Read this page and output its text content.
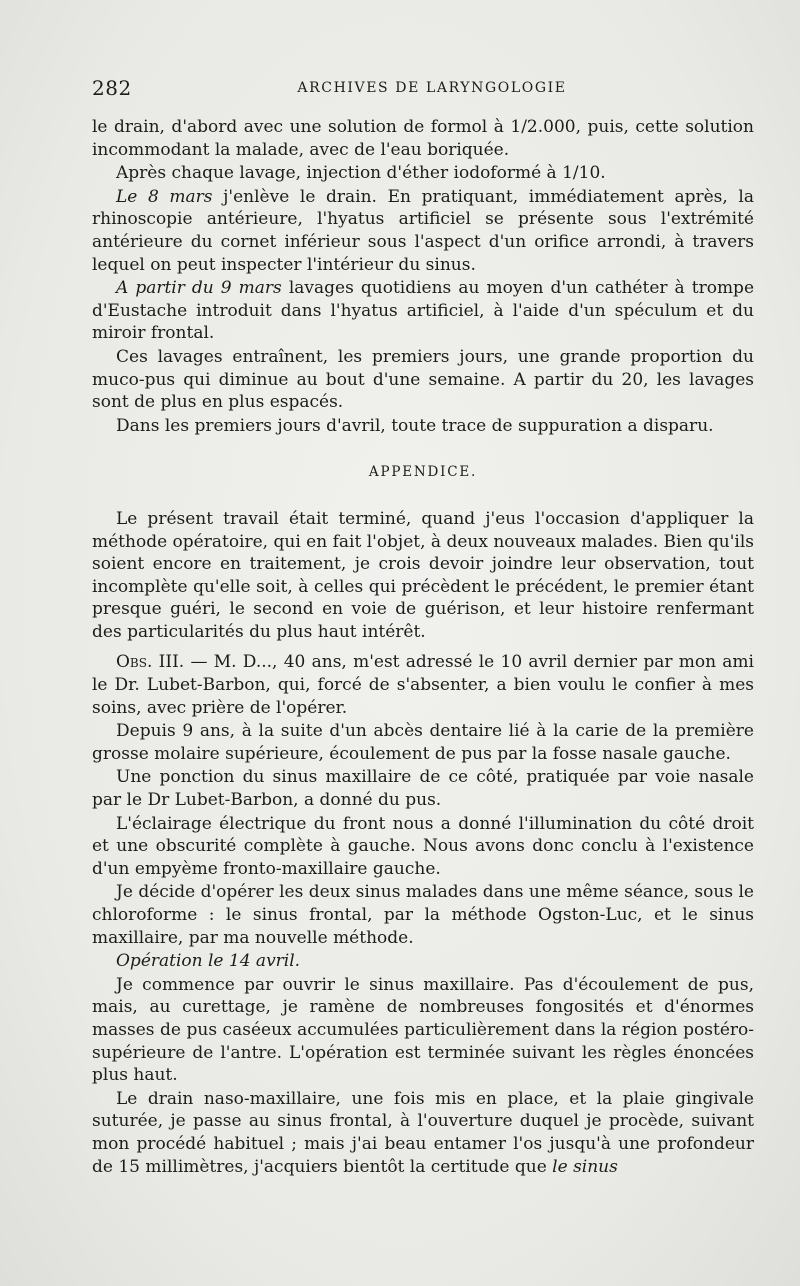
282	ARCHIVES DE LARYNGOLOGIE

le drain, d'abord avec une solution de formol à 1/2.000, puis, cette solution incommodant la malade, avec de l'eau boriquée.

Après chaque lavage, injection d'éther iodoformé à 1/10.

Le 8 mars j'enlève le drain. En pratiquant, immédiatement après, la rhinoscopie antérieure, l'hyatus artificiel se présente sous l'extrémité antérieure du cornet inférieur sous l'aspect d'un orifice arrondi, à travers lequel on peut inspecter l'intérieur du sinus.

A partir du 9 mars lavages quotidiens au moyen d'un cathéter à trompe d'Eustache introduit dans l'hyatus artificiel, à l'aide d'un spéculum et du miroir frontal.

Ces lavages entraînent, les premiers jours, une grande proportion du muco-pus qui diminue au bout d'une semaine. A partir du 20, les lavages sont de plus en plus espacés.

Dans les premiers jours d'avril, toute trace de suppuration a disparu.

APPENDICE.

Le présent travail était terminé, quand j'eus l'occasion d'appliquer la méthode opératoire, qui en fait l'objet, à deux nouveaux malades. Bien qu'ils soient encore en traitement, je crois devoir joindre leur observation, tout incomplète qu'elle soit, à celles qui précèdent le précédent, le premier étant presque guéri, le second en voie de guérison, et leur histoire renfermant des particularités du plus haut intérêt.

Obs. III. — M. D..., 40 ans, m'est adressé le 10 avril dernier par mon ami le Dr. Lubet-Barbon, qui, forcé de s'absenter, a bien voulu le confier à mes soins, avec prière de l'opérer.

Depuis 9 ans, à la suite d'un abcès dentaire lié à la carie de la première grosse molaire supérieure, écoulement de pus par la fosse nasale gauche.

Une ponction du sinus maxillaire de ce côté, pratiquée par voie nasale par le Dr Lubet-Barbon, a donné du pus.

L'éclairage électrique du front nous a donné l'illumination du côté droit et une obscurité complète à gauche. Nous avons donc conclu à l'existence d'un empyème fronto-maxillaire gauche.

Je décide d'opérer les deux sinus malades dans une même séance, sous le chloroforme : le sinus frontal, par la méthode Ogston-Luc, et le sinus maxillaire, par ma nouvelle méthode.

Opération le 14 avril.

Je commence par ouvrir le sinus maxillaire. Pas d'écoulement de pus, mais, au curettage, je ramène de nombreuses fongosités et d'énormes masses de pus caséeux accumulées particulièrement dans la région postéro-supérieure de l'antre. L'opération est terminée suivant les règles énoncées plus haut.

Le drain naso-maxillaire, une fois mis en place, et la plaie gingivale suturée, je passe au sinus frontal, à l'ouverture duquel je procède, suivant mon procédé habituel ; mais j'ai beau entamer l'os jusqu'à une profondeur de 15 millimètres, j'acquiers bientôt la certitude que le sinus
